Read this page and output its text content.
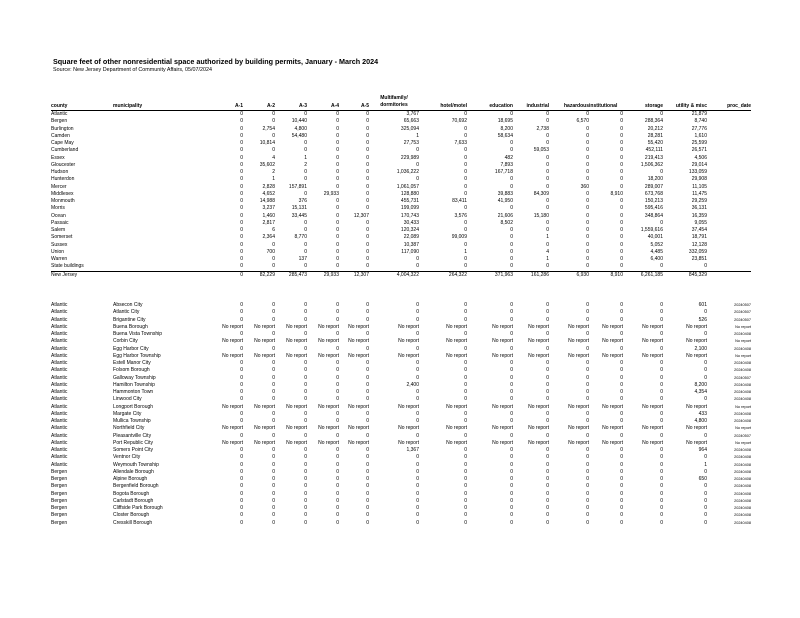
Square feet of other nonresidential space authorized by building permits, January - March 2024
Source: New Jersey Department of Community Affairs, 05/07/2024
county	municipality	A-1	A-2	A-3	A-4	A-5	Multifamily/
dormitories	hotel/motel	education	industrial	hazardous	institutional	storage	utility & misc	proc_date
Atlantic		0	0	0	0	0	3,767	0	0	0	0	0	0	21,879	
Bergen		0	0	10,440	0	0	65,663	70,692	18,695	0	6,570	0	288,364	8,740	
Burlington		0	2,754	4,800	0	0	325,094	0	8,200	2,738	0	0	20,212	27,776	
Camden		0	0	54,480	0	0	1	0	58,634	0	0	0	28,281	1,610	
Cape May		0	10,814	0	0	0	27,753	7,633	0	0	0	0	55,420	25,599	
Cumberland		0	0	0	0	0	0	0	0	59,053	0	0	452,111	26,571	
Essex		0	4	1	0	0	229,989	0	482	0	0	0	219,413	4,506	
Gloucester		0	35,602	2	0	0	0	0	7,893	0	0	0	1,506,362	29,014	
Hudson		0	2	0	0	0	1,036,222	0	167,718	0	0	0	0	133,059	
Hunterdon		0	1	0	0	0	0	0	0	0	0	0	18,200	29,908	
Mercer		0	2,828	157,891	0	0	1,061,057	0	0	0	360	0	289,007	11,105	
Middlesex		0	4,652	0	29,933	0	128,880	0	39,883	84,309	0	8,910	673,768	11,475	
Monmouth		0	14,988	376	0	0	455,731	83,411	41,950	0	0	0	150,213	29,259	
Morris		0	3,237	15,131	0	0	199,099	0	0	0	0	0	595,416	36,131	
Ocean		0	1,460	33,445	0	12,307	170,743	3,576	21,606	15,180	0	0	348,864	16,359	
Passaic		0	2,817	0	0	0	30,433	0	8,502	0	0	0	0	9,055	
Salem		0	6	0	0	0	120,324	0	0	0	0	0	1,559,616	37,454	
Somerset		0	2,364	8,770	0	0	22,089	99,009	0	1	0	0	40,001	18,791	
Sussex		0	0	0	0	0	10,387	0	0	0	0	0	5,052	12,128	
Union		0	700	0	0	0	117,090	1	0	4	0	0	4,485	332,059	
Warren		0	0	137	0	0	0	0	0	1	0	0	6,400	23,851	
State buildings		0	0	0	0	0	0	0	0	0	0	0	0	0	
New Jersey		0	82,229	285,473	29,933	12,307	4,004,322	264,322	371,963	161,286	6,930	8,910	6,261,185	845,329	
Atlantic	Absecon City	0	0	0	0	0	0	0	0	0	0	0	0	601	20240507
Atlantic	Atlantic City	0	0	0	0	0	0	0	0	0	0	0	0	0	20240507
Atlantic	Brigantine City	0	0	0	0	0	0	0	0	0	0	0	0	526	20240507
Atlantic	Buena Borough	No report	No report	No report	No report	No report	No report	No report	No report	No report	No report	No report	No report	No report	No report
Atlantic	Buena Vista Township	0	0	0	0	0	0	0	0	0	0	0	0	0	20240408
Atlantic	Corbin City	No report	No report	No report	No report	No report	No report	No report	No report	No report	No report	No report	No report	No report	No report
Atlantic	Egg Harbor City	0	0	0	0	0	0	0	0	0	0	0	0	2,100	20240408
Atlantic	Egg Harbor Township	No report	No report	No report	No report	No report	No report	No report	No report	No report	No report	No report	No report	No report	No report
Atlantic	Estell Manor City	0	0	0	0	0	0	0	0	0	0	0	0	0	20240408
Atlantic	Folsom Borough	0	0	0	0	0	0	0	0	0	0	0	0	0	20240408
Atlantic	Galloway Township	0	0	0	0	0	0	0	0	0	0	0	0	0	20240507
Atlantic	Hamilton Township	0	0	0	0	0	2,400	0	0	0	0	0	0	8,200	20240408
Atlantic	Hammonton Town	0	0	0	0	0	0	0	0	0	0	0	0	4,354	20240408
Atlantic	Linwood City	0	0	0	0	0	0	0	0	0	0	0	0	0	20240408
Atlantic	Longport Borough	No report	No report	No report	No report	No report	No report	No report	No report	No report	No report	No report	No report	No report	No report
Atlantic	Margate City	0	0	0	0	0	0	0	0	0	0	0	0	433	20240408
Atlantic	Mullica Township	0	0	0	0	0	0	0	0	0	0	0	0	4,800	20240408
Atlantic	Northfield City	No report	No report	No report	No report	No report	No report	No report	No report	No report	No report	No report	No report	No report	No report
Atlantic	Pleasantville City	0	0	0	0	0	0	0	0	0	0	0	0	0	20240507
Atlantic	Port Republic City	No report	No report	No report	No report	No report	No report	No report	No report	No report	No report	No report	No report	No report	No report
Atlantic	Somers Point City	0	0	0	0	0	1,367	0	0	0	0	0	0	964	20240408
Atlantic	Ventnor City	0	0	0	0	0	0	0	0	0	0	0	0	0	20240408
Atlantic	Weymouth Township	0	0	0	0	0	0	0	0	0	0	0	0	1	20240408
Bergen	Allendale Borough	0	0	0	0	0	0	0	0	0	0	0	0	0	20240408
Bergen	Alpine Borough	0	0	0	0	0	0	0	0	0	0	0	0	650	20240408
Bergen	Bergenfield Borough	0	0	0	0	0	0	0	0	0	0	0	0	0	20240408
Bergen	Bogota Borough	0	0	0	0	0	0	0	0	0	0	0	0	0	20240408
Bergen	Carlstadt Borough	0	0	0	0	0	0	0	0	0	0	0	0	0	20240408
Bergen	Cliffside Park Borough	0	0	0	0	0	0	0	0	0	0	0	0	0	20240408
Bergen	Closter Borough	0	0	0	0	0	0	0	0	0	0	0	0	0	20240408
Bergen	Cresskill Borough	0	0	0	0	0	0	0	0	0	0	0	0	0	20240408
